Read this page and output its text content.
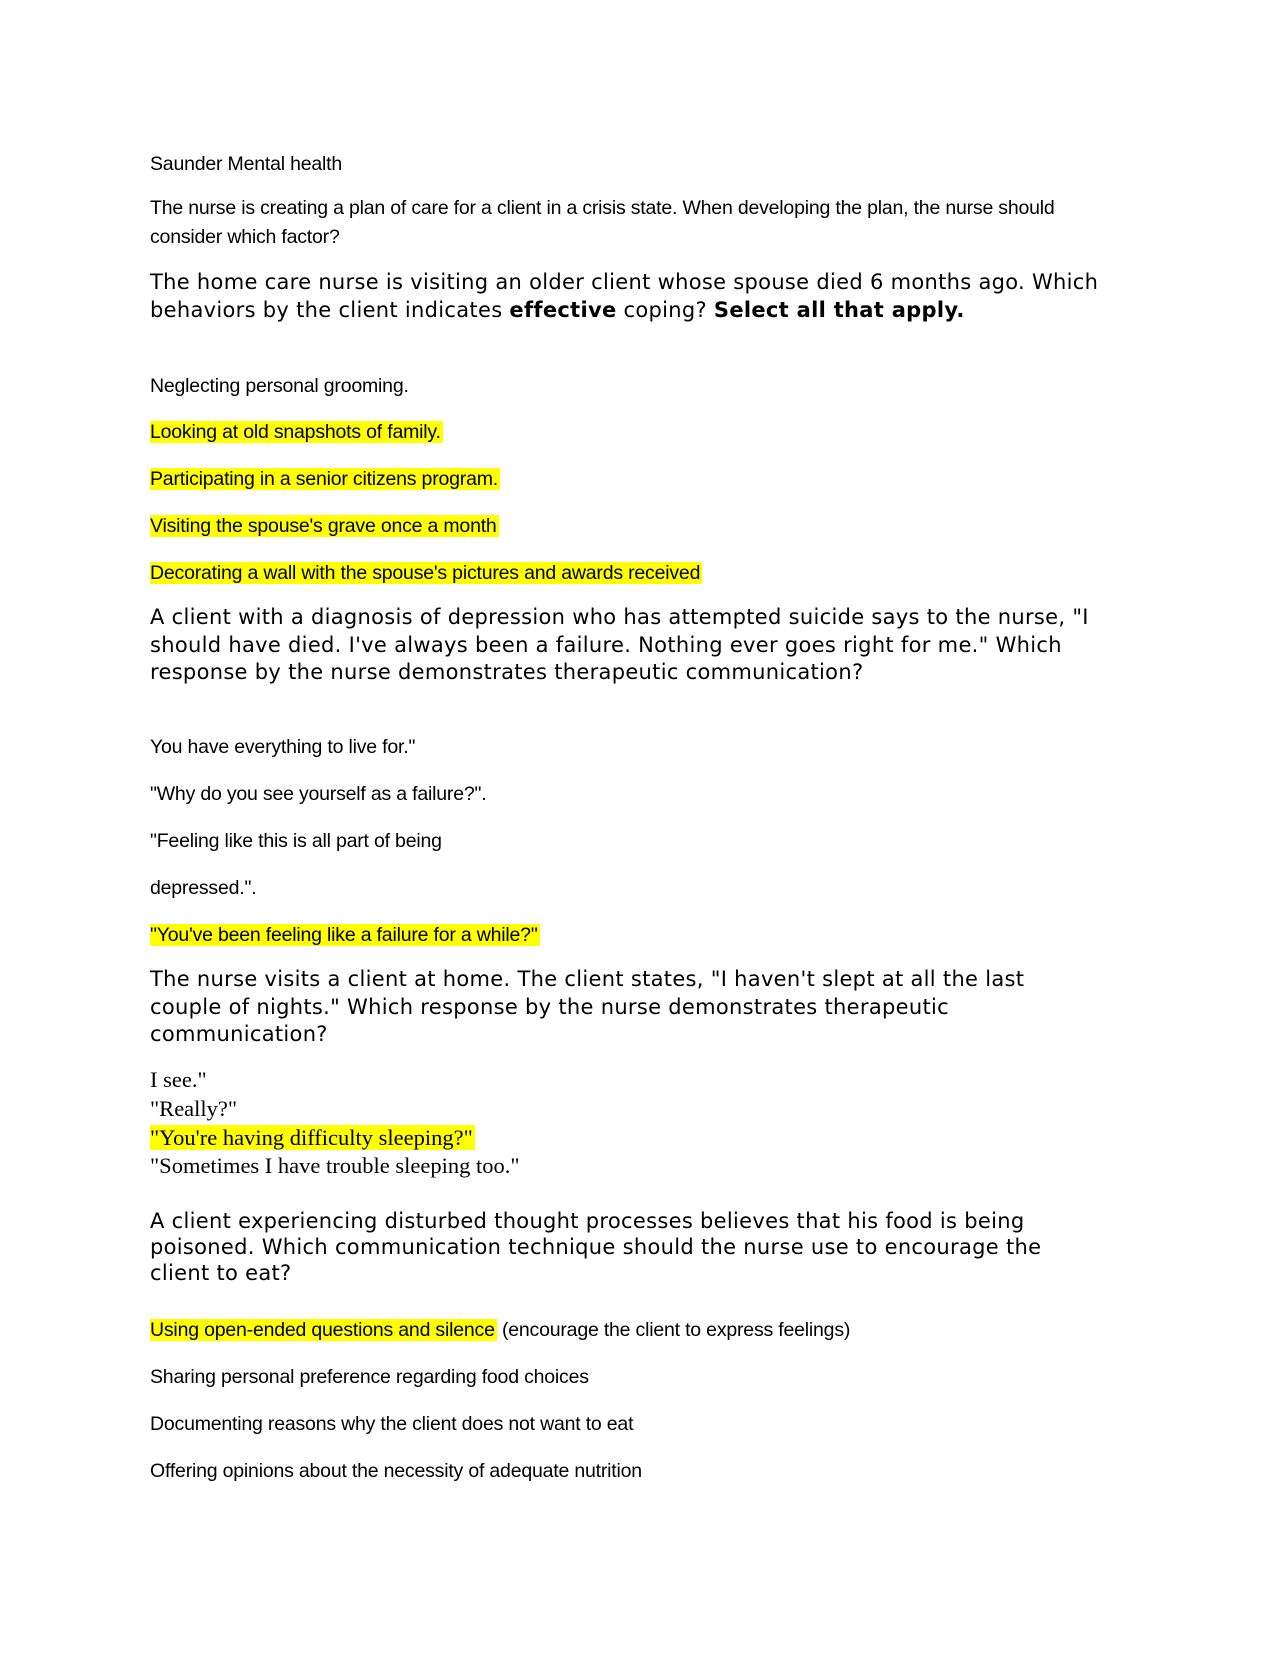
Saunder Mental health

The nurse is creating a plan of care for a client in a crisis state. When developing the plan, the nurse should consider which factor?

The home care nurse is visiting an older client whose spouse died 6 months ago. Which behaviors by the client indicates effective coping? Select all that apply.

Neglecting personal grooming.

Looking at old snapshots of family.

Participating in a senior citizens program.

Visiting the spouse's grave once a month

Decorating a wall with the spouse's pictures and awards received

A client with a diagnosis of depression who has attempted suicide says to the nurse, "I should have died. I've always been a failure. Nothing ever goes right for me." Which response by the nurse demonstrates therapeutic communication?

You have everything to live for."

"Why do you see yourself as a failure?".

"Feeling like this is all part of being

depressed.".

"You've been feeling like a failure for a while?"

The nurse visits a client at home. The client states, "I haven't slept at all the last couple of nights." Which response by the nurse demonstrates therapeutic communication?

I see."
"Really?"
"You're having difficulty sleeping?"
"Sometimes I have trouble sleeping too."

A client experiencing disturbed thought processes believes that his food is being poisoned. Which communication technique should the nurse use to encourage the client to eat?

Using open-ended questions and silence (encourage the client to express feelings)

Sharing personal preference regarding food choices

Documenting reasons why the client does not want to eat

Offering opinions about the necessity of adequate nutrition
